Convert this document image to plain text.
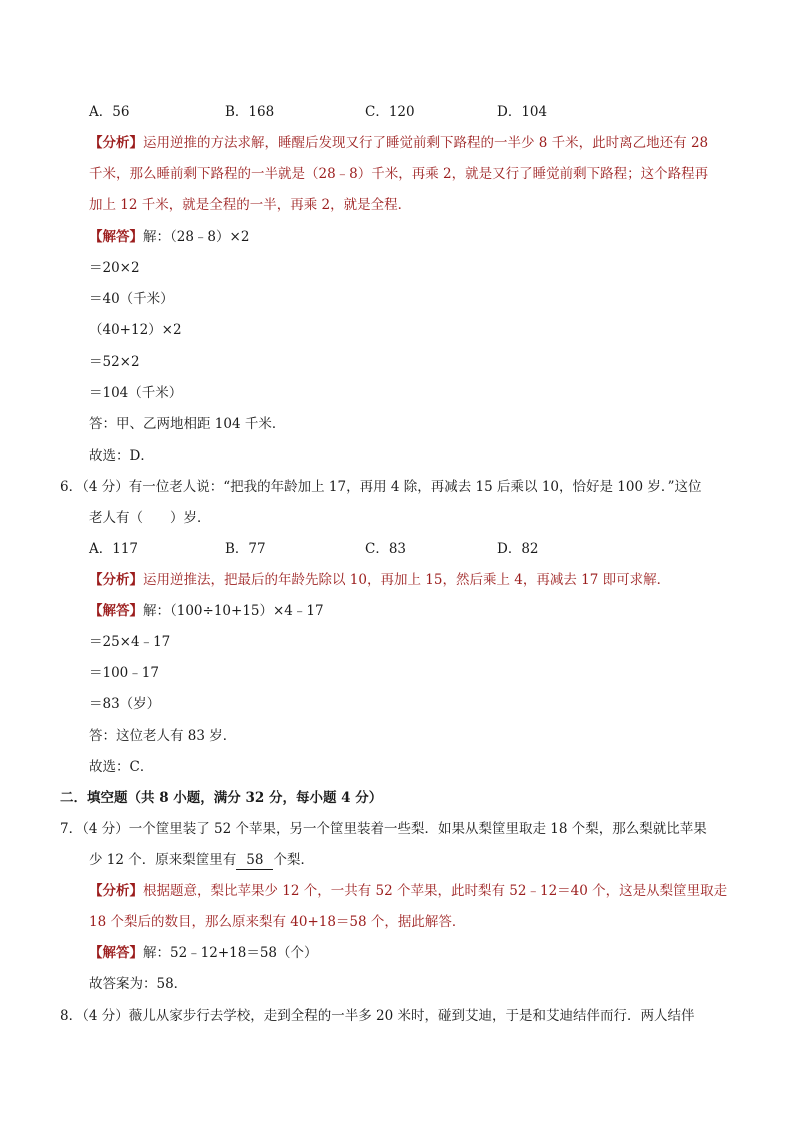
A．56	B．168	C．120	D．104
【分析】运用逆推的方法求解，睡醒后发现又行了睡觉前剩下路程的一半少 8 千米，此时离乙地还有 28
千米，那么睡前剩下路程的一半就是（28﹣8）千米，再乘 2，就是又行了睡觉前剩下路程；这个路程再
加上 12 千米，就是全程的一半，再乘 2，就是全程．
【解答】解：（28﹣8）×2
＝20×2
＝40（千米）
（40+12）×2
＝52×2
＝104（千米）
答：甲、乙两地相距 104 千米．
故选：D．
6．（4 分）有一位老人说：“把我的年龄加上 17，再用 4 除，再减去 15 后乘以 10，恰好是 100 岁．”这位
老人有（　　）岁．
A．117	B．77	C．83	D．82
【分析】运用逆推法，把最后的年龄先除以 10，再加上 15，然后乘上 4，再减去 17 即可求解．
【解答】解：（100÷10+15）×4﹣17
＝25×4﹣17
＝100﹣17
＝83（岁）
答：这位老人有 83 岁．
故选：C．
二．填空题（共 8 小题，满分 32 分，每小题 4 分）
7．（4 分）一个筐里装了 52 个苹果，另一个筐里装着一些梨．如果从梨筐里取走 18 个梨，那么梨就比苹果
少 12 个．原来梨筐里有 58 个梨．
【分析】根据题意，梨比苹果少 12 个，一共有 52 个苹果，此时梨有 52﹣12＝40 个，这是从梨筐里取走
18 个梨后的数目，那么原来梨有 40+18＝58 个，据此解答．
【解答】解：52﹣12+18＝58（个）
故答案为：58．
8．（4 分）薇儿从家步行去学校，走到全程的一半多 20 米时，碰到艾迪，于是和艾迪结伴而行．两人结伴
